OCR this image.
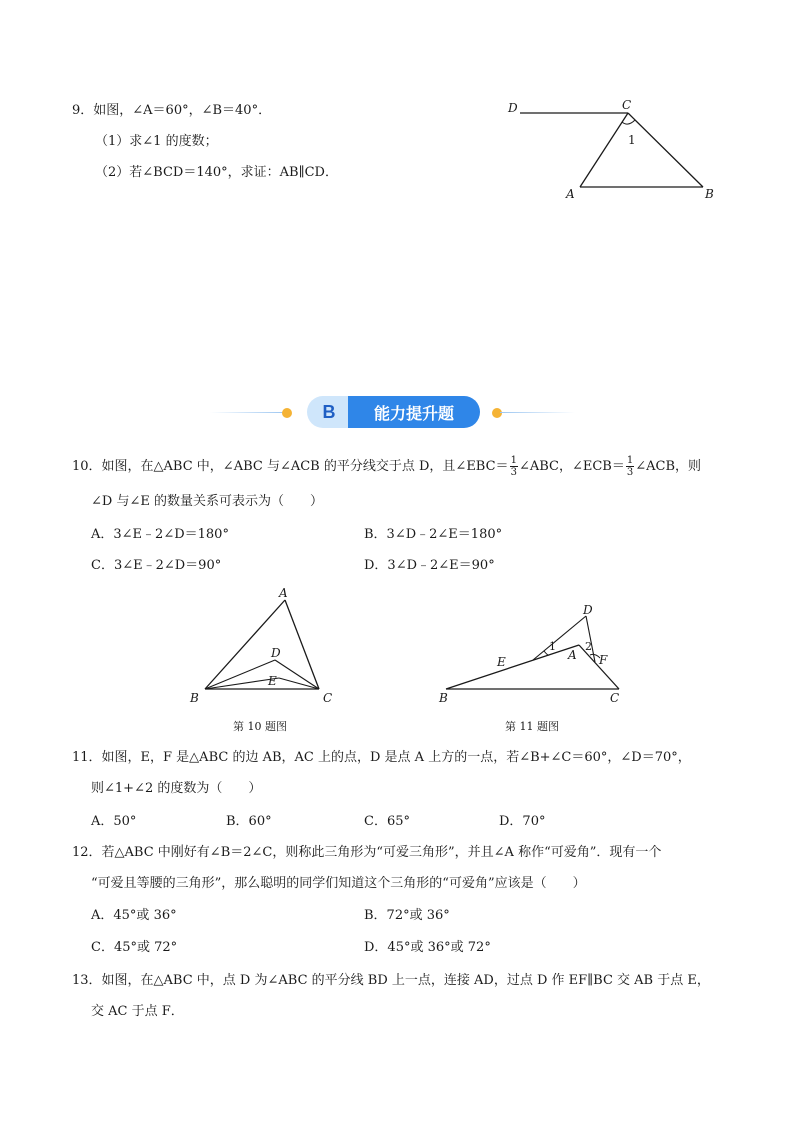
9．如图，∠A＝60°，∠B＝40°．
（1）求∠1 的度数；
（2）若∠BCD＝140°，求证：AB∥CD．
D	C
1
A	B
B	能力提升题
10．如图，在△ABC 中，∠ABC 与∠ACB 的平分线交于点 D，且∠EBC＝ $\frac{1}{3}$ ∠ABC，∠ECB＝ $\frac{1}{3}$ ∠ACB，则
∠D 与∠E 的数量关系可表示为（　　）
A．3∠E﹣2∠D＝180°	B．3∠D﹣2∠E＝180°
C．3∠E﹣2∠D＝90°	D．3∠D﹣2∠E＝90°
A
D
E
B	C
第 10 题图
D
1	2
A
E	F
B	C
第 11 题图
11．如图，E，F 是△ABC 的边 AB，AC 上的点，D 是点 A 上方的一点，若∠B+∠C＝60°，∠D＝70°，
则∠1+∠2 的度数为（　　）
A．50°	B．60°	C．65°	D．70°
12．若△ABC 中刚好有∠B＝2∠C，则称此三角形为“可爱三角形”，并且∠A 称作“可爱角”．现有一个
“可爱且等腰的三角形”，那么聪明的同学们知道这个三角形的“可爱角”应该是（　　）
A．45°或 36°	B．72°或 36°
C．45°或 72°	D．45°或 36°或 72°
13．如图，在△ABC 中，点 D 为∠ABC 的平分线 BD 上一点，连接 AD，过点 D 作 EF∥BC 交 AB 于点 E，
交 AC 于点 F．
